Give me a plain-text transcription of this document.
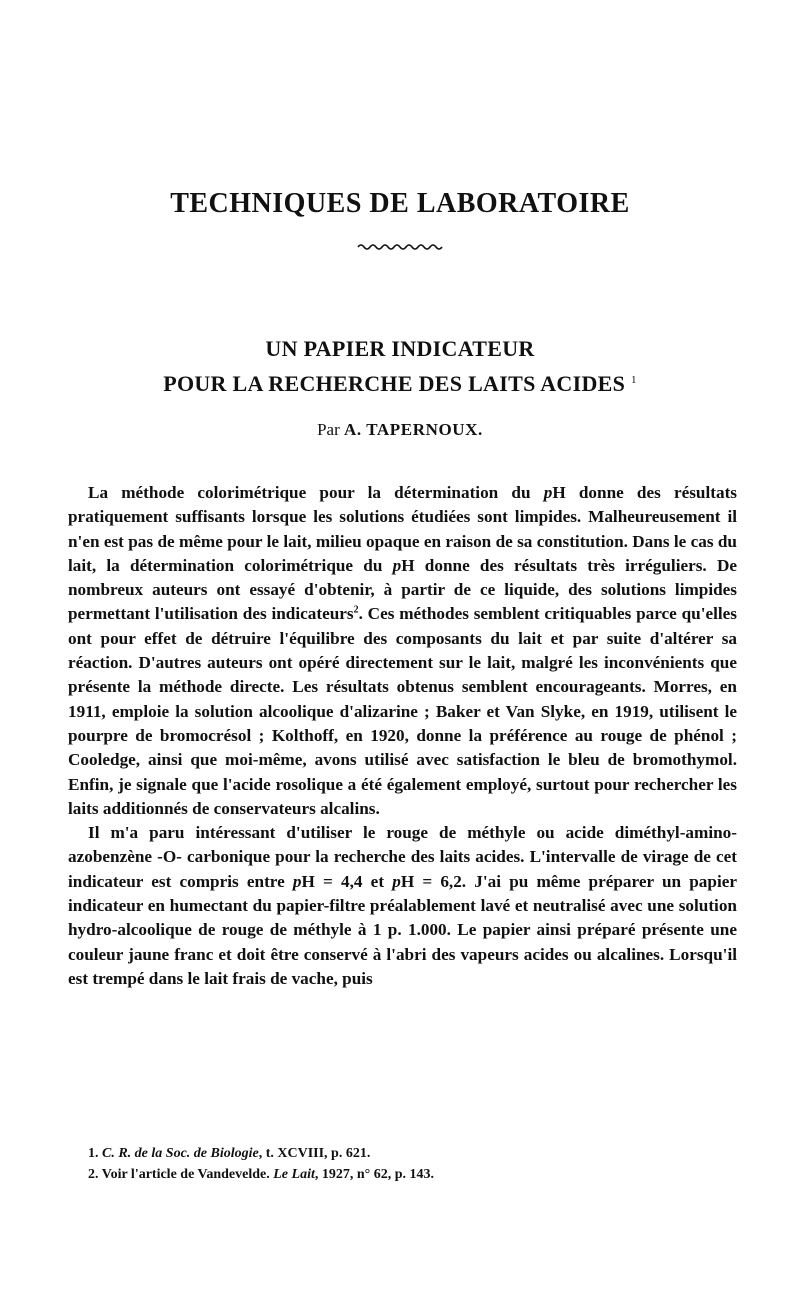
TECHNIQUES DE LABORATOIRE
UN PAPIER INDICATEUR
POUR LA RECHERCHE DES LAITS ACIDES $^1$
Par A. TAPERNOUX.

La méthode colorimétrique pour la détermination du pH donne des résultats pratiquement suffisants lorsque les solutions étudiées sont limpides. Malheureusement il n'en est pas de même pour le lait, milieu opaque en raison de sa constitution. Dans le cas du lait, la détermination colorimétrique du pH donne des résultats très irréguliers. De nombreux auteurs ont essayé d'obtenir, à partir de ce liquide, des solutions limpides permettant l'utilisation des indicateurs$^2$. Ces méthodes semblent critiquables parce qu'elles ont pour effet de détruire l'équilibre des composants du lait et par suite d'altérer sa réaction. D'autres auteurs ont opéré directement sur le lait, malgré les inconvénients que présente la méthode directe. Les résultats obtenus semblent encourageants. Morres, en 1911, emploie la solution alcoolique d'alizarine ; Baker et Van Slyke, en 1919, utilisent le pourpre de bromocrésol ; Kolthoff, en 1920, donne la préférence au rouge de phénol ; Cooledge, ainsi que moi-même, avons utilisé avec satisfaction le bleu de bromothymol. Enfin, je signale que l'acide rosolique a été également employé, surtout pour rechercher les laits additionnés de conservateurs alcalins.

Il m'a paru intéressant d'utiliser le rouge de méthyle ou acide diméthyl-amino-azobenzène -O- carbonique pour la recherche des laits acides. L'intervalle de virage de cet indicateur est compris entre pH = 4,4 et pH = 6,2. J'ai pu même préparer un papier indicateur en humectant du papier-filtre préalablement lavé et neutralisé avec une solution hydro-alcoolique de rouge de méthyle à 1 p. 1.000. Le papier ainsi préparé présente une couleur jaune franc et doit être conservé à l'abri des vapeurs acides ou alcalines. Lorsqu'il est trempé dans le lait frais de vache, puis

1. C. R. de la Soc. de Biologie, t. XCVIII, p. 621.
2. Voir l'article de Vandevelde. Le Lait, 1927, n° 62, p. 143.
